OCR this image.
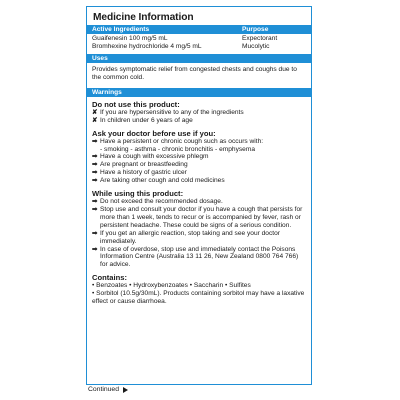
Medicine Information
Active Ingredients	Purpose
Guaifenesin 100 mg/5 mL	Expectorant
Bromhexine hydrochloride 4 mg/5 mL	Mucolytic
Uses
Provides symptomatic relief from congested chests and coughs due to the common cold.
Warnings
Do not use this product:
✘ If you are hypersensitive to any of the ingredients
✘ In children under 6 years of age
Ask your doctor before use if you:
➡ Have a persistent or chronic cough such as occurs with:
- smoking - asthma - chronic bronchitis - emphysema
➡ Have a cough with excessive phlegm
➡ Are pregnant or breastfeeding
➡ Have a history of gastric ulcer
➡ Are taking other cough and cold medicines
While using this product:
➡ Do not exceed the recommended dosage.
➡ Stop use and consult your doctor if you have a cough that persists for more than 1 week, tends to recur or is accompanied by fever, rash or persistent headache. These could be signs of a serious condition.
➡ If you get an allergic reaction, stop taking and see your doctor immediately.
➡ In case of overdose, stop use and immediately contact the Poisons Information Centre (Australia 13 11 26, New Zealand 0800 764 766) for advice.
Contains:
• Benzoates • Hydroxybenzoates • Saccharin • Sulfites
• Sorbitol (10.5g/30mL). Products containing sorbitol may have a laxative effect or cause diarrhoea.
Continued
